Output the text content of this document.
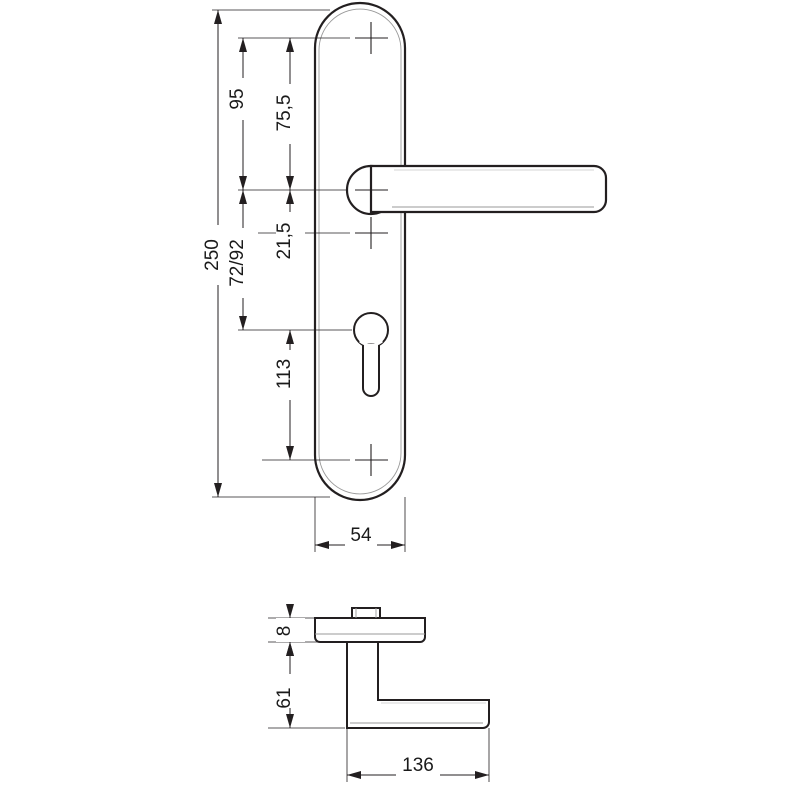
250
95 75,5
21,5
72/92
113
54
8
61
136
